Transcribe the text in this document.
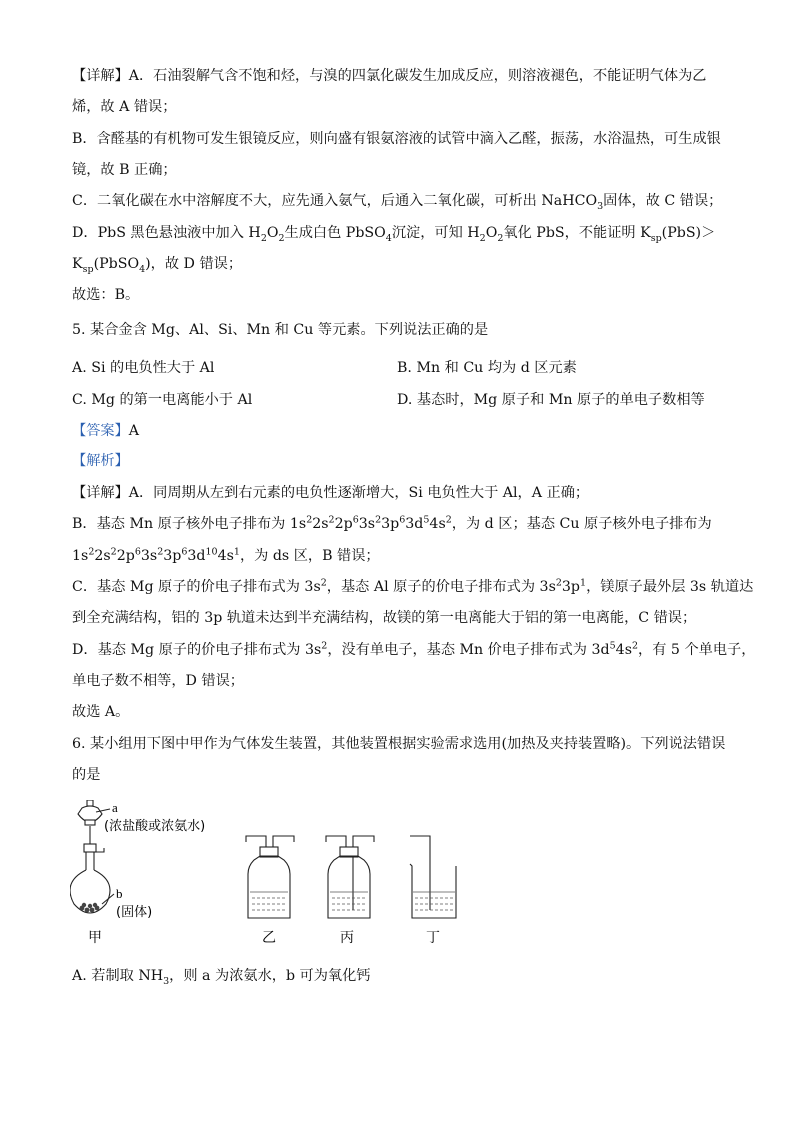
【详解】A．石油裂解气含不饱和烃，与溴的四氯化碳发生加成反应，则溶液褪色，不能证明气体为乙
烯，故 A 错误；
B．含醛基的有机物可发生银镜反应，则向盛有银氨溶液的试管中滴入乙醛，振荡，水浴温热，可生成银
镜，故 B 正确；
C．二氧化碳在水中溶解度不大，应先通入氨气，后通入二氧化碳，可析出 NaHCO$_3$固体，故 C 错误；
D．PbS 黑色悬浊液中加入 $H_2O_2$生成白色 PbSO$_4$沉淀，可知 $H_2O_2$氧化 PbS，不能证明 $K_{sp}(PbS)>$
$K_{sp}(PbSO_4)$，故 D 错误；
故选：B。
5. 某合金含 Mg、Al、Si、Mn 和 Cu 等元素。下列说法正确的是
A. Si 的电负性大于 Al	B. Mn 和 Cu 均为 d 区元素
C. Mg 的第一电离能小于 Al	D. 基态时，Mg 原子和 Mn 原子的单电子数相等
【答案】A
【解析】
【详解】A．同周期从左到右元素的电负性逐渐增大，Si 电负性大于 Al，A 正确；
B．基态 Mn 原子核外电子排布为 $1s^22s^22p^63s^23p^63d^54s^2$，为 d 区；基态 Cu 原子核外电子排布为
$1s^22s^22p^63s^23p^63d^{10}4s^1$，为 ds 区，B 错误；
C．基态 Mg 原子的价电子排布式为 $3s^2$，基态 Al 原子的价电子排布式为 $3s^23p^1$，镁原子最外层 3s 轨道达
到全充满结构，铝的 3p 轨道未达到半充满结构，故镁的第一电离能大于铝的第一电离能，C 错误；
D．基态 Mg 原子的价电子排布式为 $3s^2$，没有单电子，基态 Mn 价电子排布式为 $3d^54s^2$，有 5 个单电子，
单电子数不相等，D 错误；
故选 A。
6. 某小组用下图中甲作为气体发生装置，其他装置根据实验需求选用(加热及夹持装置略)。下列说法错误
的是
a
(浓盐酸或浓氨水)
b
(固体)
甲	乙	丙	丁
A. 若制取 $NH_3$，则 a 为浓氨水，b 可为氧化钙
